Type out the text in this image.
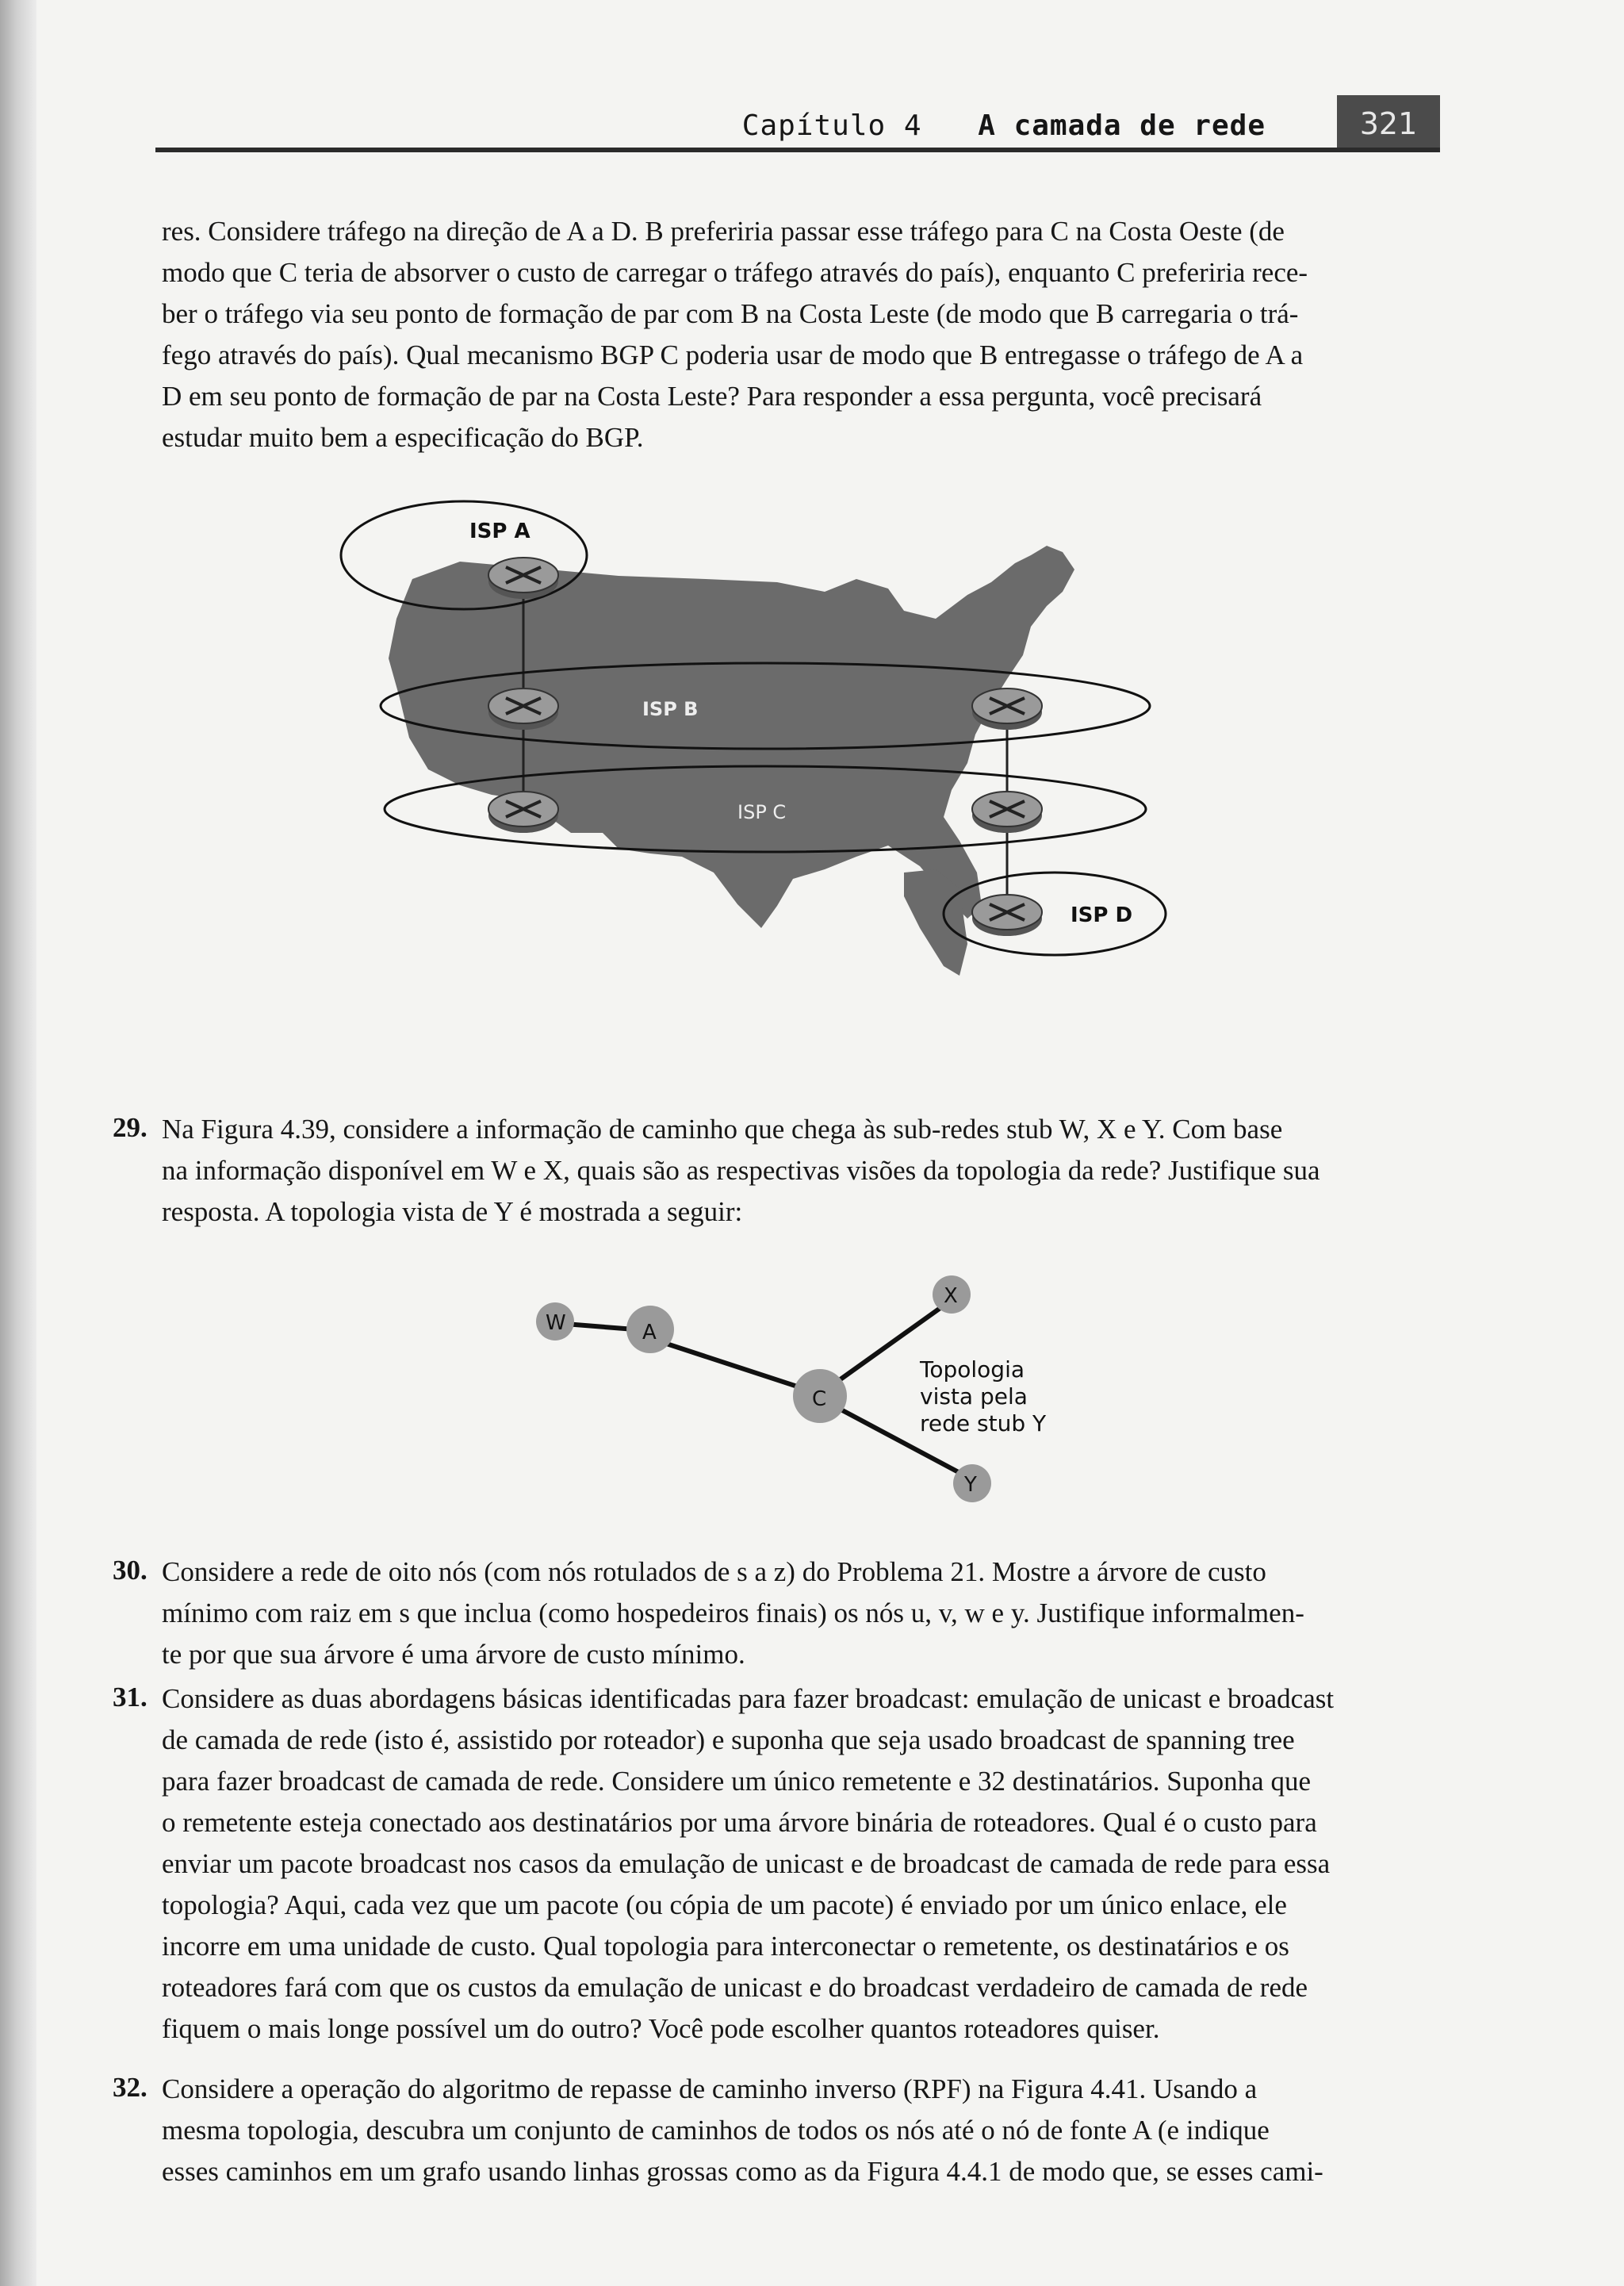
Capítulo 4 A camada de rede	321
res. Considere tráfego na direção de A a D. B preferiria passar esse tráfego para C na Costa Oeste (de
modo que C teria de absorver o custo de carregar o tráfego através do país), enquanto C preferiria rece-
ber o tráfego via seu ponto de formação de par com B na Costa Leste (de modo que B carregaria o trá-
fego através do país). Qual mecanismo BGP C poderia usar de modo que B entregasse o tráfego de A a
D em seu ponto de formação de par na Costa Leste? Para responder a essa pergunta, você precisará
estudar muito bem a especificação do BGP.
ISP A
ISP B
ISP C
ISP D
29. Na Figura 4.39, considere a informação de caminho que chega às sub-redes stub W, X e Y. Com base
na informação disponível em W e X, quais são as respectivas visões da topologia da rede? Justifique sua
resposta. A topologia vista de Y é mostrada a seguir:
W	A
C
X
Y
Topologia
vista pela
rede stub Y
30. Considere a rede de oito nós (com nós rotulados de s a z) do Problema 21. Mostre a árvore de custo
mínimo com raiz em s que inclua (como hospedeiros finais) os nós u, v, w e y. Justifique informalmen-
te por que sua árvore é uma árvore de custo mínimo.
31. Considere as duas abordagens básicas identificadas para fazer broadcast: emulação de unicast e broadcast
de camada de rede (isto é, assistido por roteador) e suponha que seja usado broadcast de spanning tree
para fazer broadcast de camada de rede. Considere um único remetente e 32 destinatários. Suponha que
o remetente esteja conectado aos destinatários por uma árvore binária de roteadores. Qual é o custo para
enviar um pacote broadcast nos casos da emulação de unicast e de broadcast de camada de rede para essa
topologia? Aqui, cada vez que um pacote (ou cópia de um pacote) é enviado por um único enlace, ele
incorre em uma unidade de custo. Qual topologia para interconectar o remetente, os destinatários e os
roteadores fará com que os custos da emulação de unicast e do broadcast verdadeiro de camada de rede
fiquem o mais longe possível um do outro? Você pode escolher quantos roteadores quiser.
32. Considere a operação do algoritmo de repasse de caminho inverso (RPF) na Figura 4.41. Usando a
mesma topologia, descubra um conjunto de caminhos de todos os nós até o nó de fonte A (e indique
esses caminhos em um grafo usando linhas grossas como as da Figura 4.4.1 de modo que, se esses cami-
